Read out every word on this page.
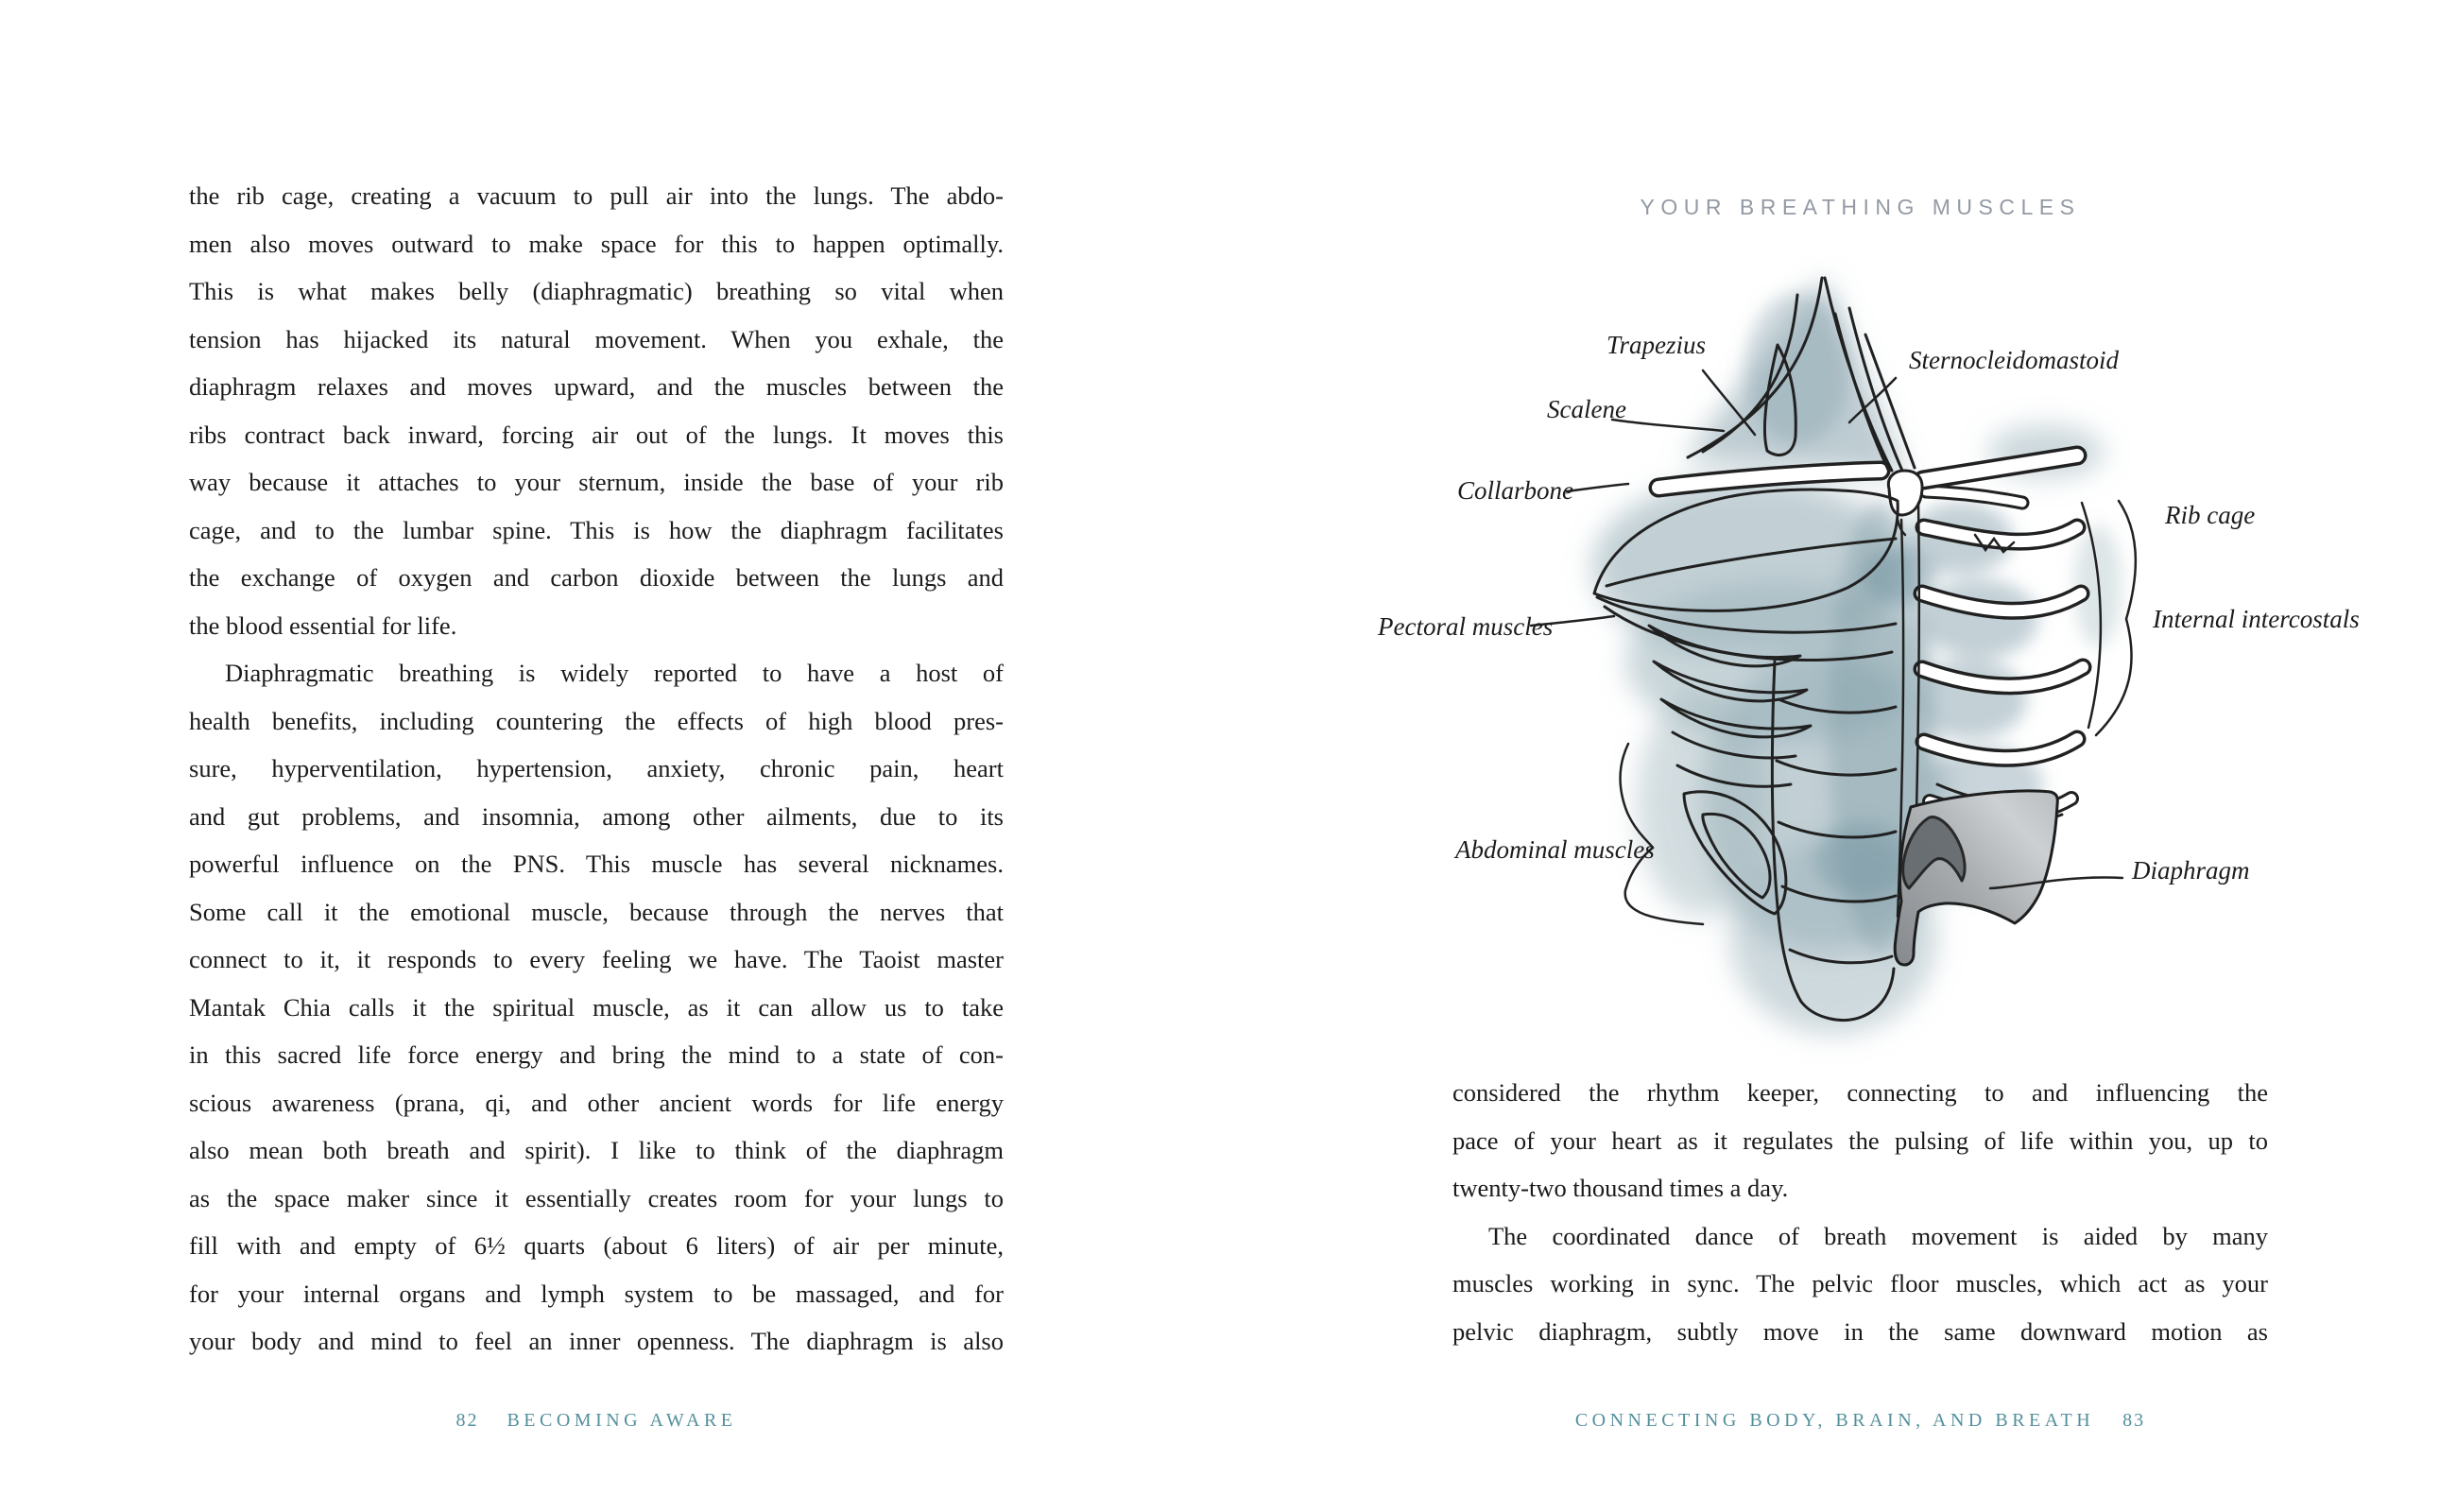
the rib cage, creating a vacuum to pull air into the lungs. The abdo-
men also moves outward to make space for this to happen optimally.
This is what makes belly (diaphragmatic) breathing so vital when
tension has hijacked its natural movement. When you exhale, the
diaphragm relaxes and moves upward, and the muscles between the
ribs contract back inward, forcing air out of the lungs. It moves this
way because it attaches to your sternum, inside the base of your rib
cage, and to the lumbar spine. This is how the diaphragm facilitates
the exchange of oxygen and carbon dioxide between the lungs and
the blood essential for life.
Diaphragmatic breathing is widely reported to have a host of
health benefits, including countering the effects of high blood pres-
sure, hyperventilation, hypertension, anxiety, chronic pain, heart
and gut problems, and insomnia, among other ailments, due to its
powerful influence on the PNS. This muscle has several nicknames.
Some call it the emotional muscle, because through the nerves that
connect to it, it responds to every feeling we have. The Taoist master
Mantak Chia calls it the spiritual muscle, as it can allow us to take
in this sacred life force energy and bring the mind to a state of con-
scious awareness (prana, qi, and other ancient words for life energy
also mean both breath and spirit). I like to think of the diaphragm
as the space maker since it essentially creates room for your lungs to
fill with and empty of 6½ quarts (about 6 liters) of air per minute,
for your internal organs and lymph system to be massaged, and for
your body and mind to feel an inner openness. The diaphragm is also
82 BECOMING AWARE
YOUR BREATHING MUSCLES
Trapezius
Sternocleidomastoid
Scalene
Collarbone
Rib cage
Pectoral muscles	Internal intercostals
Abdominal muscles
Diaphragm
considered the rhythm keeper, connecting to and influencing the
pace of your heart as it regulates the pulsing of life within you, up to
twenty-two thousand times a day.
The coordinated dance of breath movement is aided by many
muscles working in sync. The pelvic floor muscles, which act as your
pelvic diaphragm, subtly move in the same downward motion as
CONNECTING BODY, BRAIN, AND BREATH 83
